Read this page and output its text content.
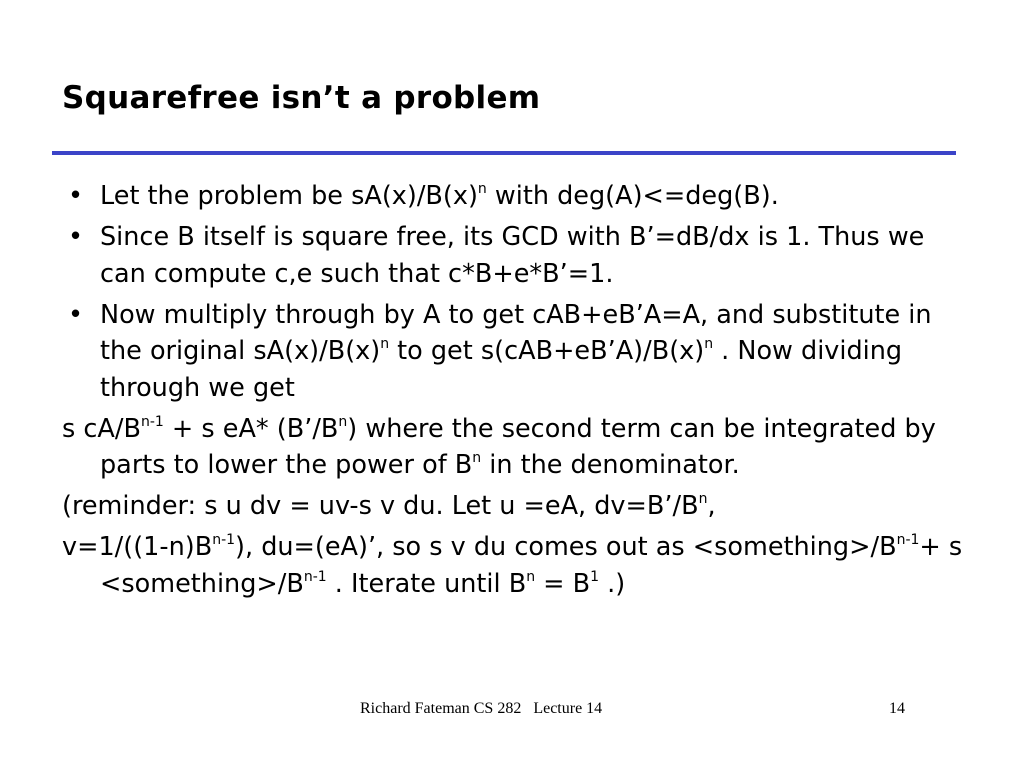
Squarefree isn’t a problem
• Let the problem be $sA(x)/B(x)^n$ with deg(A)<=deg(B).
• Since B itself is square free, its GCD with B’=dB/dx is 1. Thus we can compute c,e such that c*B+e*B’=1.
• Now multiply through by A to get cAB+eB’A=A, and substitute in the original $sA(x)/B(x)^n$ to get $s(cAB+eB’A)/B(x)^n$ . Now dividing through we get
s $cA/B^{n-1} + s$ eA* $(B’/B^n)$ where the second term can be integrated by parts to lower the power of $B^n$ in the denominator.
(reminder: s u dv = uv-s v du. Let u =eA, $dv=B’/B^n$,
$v=1/((1-n)B^{n-1})$, du=(eA)’, so s v du comes out as $<something>/B^{n-1}+ s$ $<something>/B^{n-1}$ . Iterate until $B^n = B^1$ .)
Richard Fateman CS 282   Lecture 14	14
